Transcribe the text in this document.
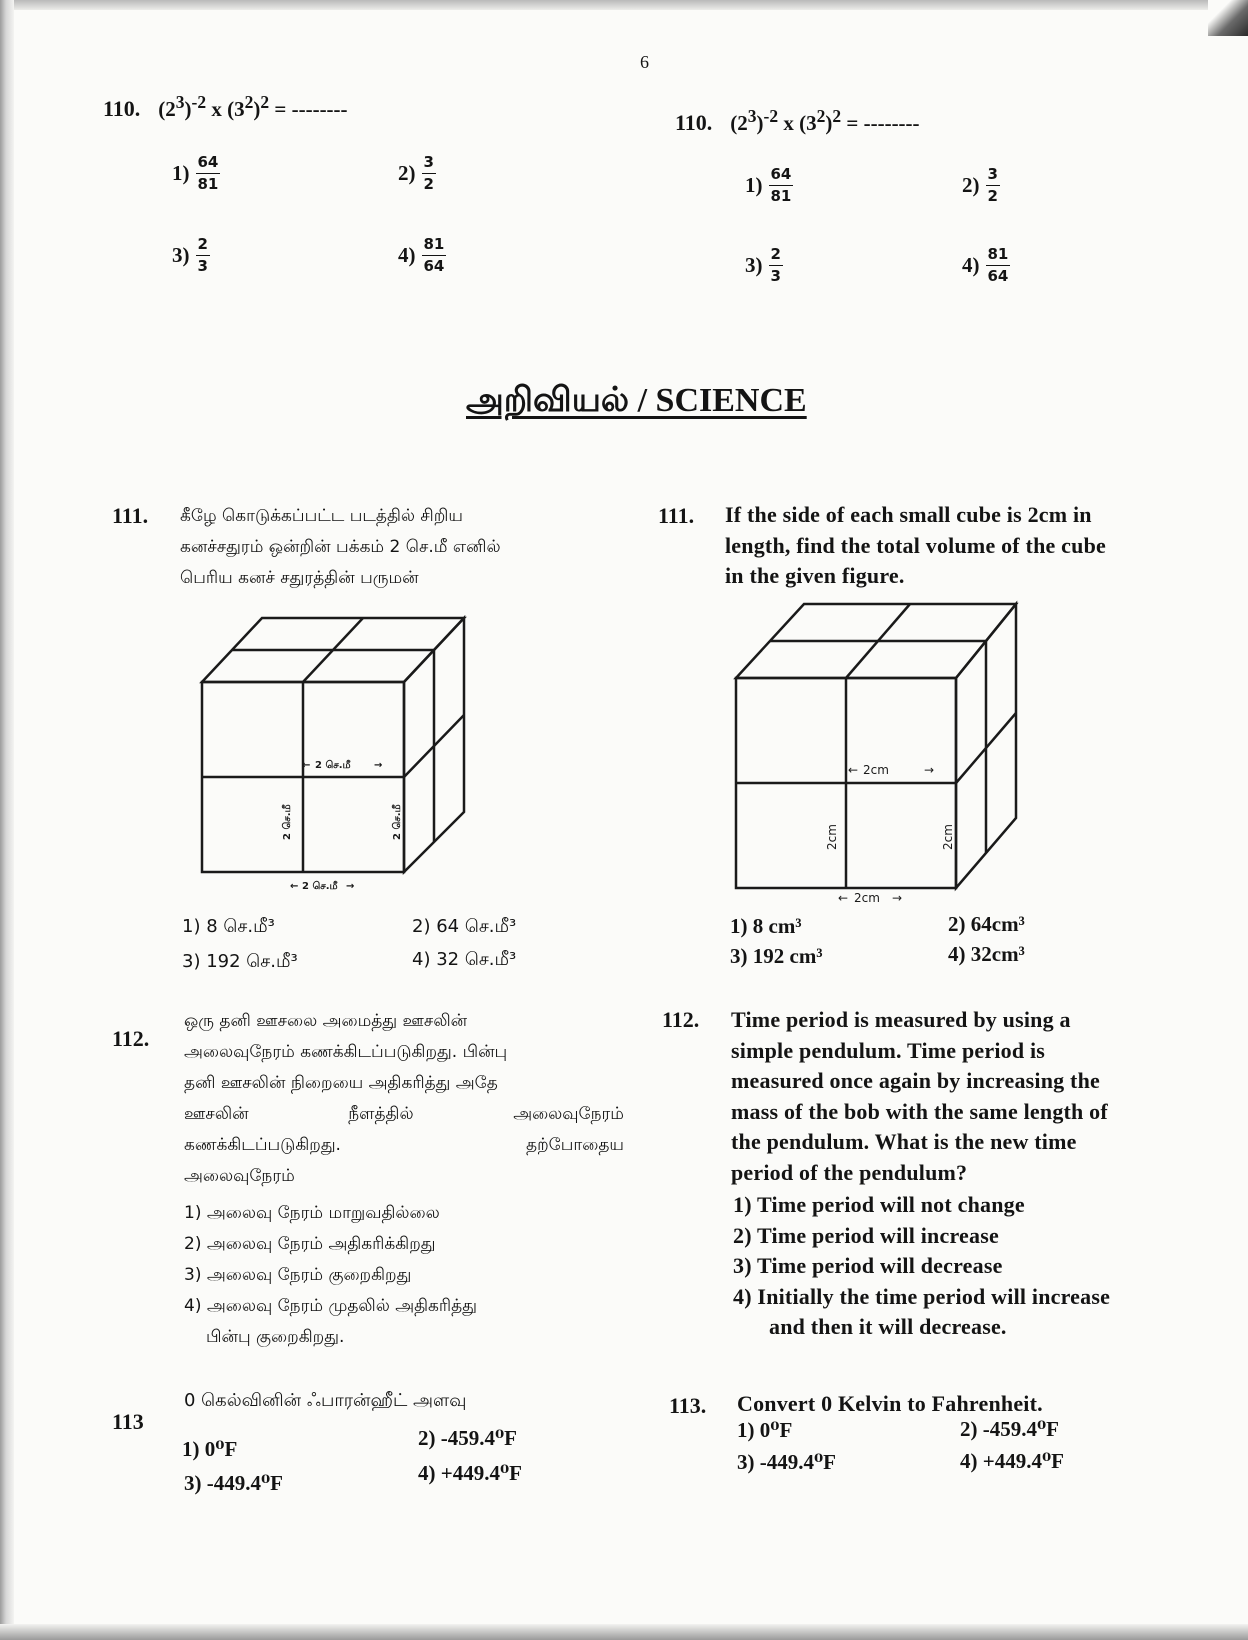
6
110. $(2^3)^{-2}$ x $(3^2)^2$ = --------
$1) \frac{64}{81}$	$2) \frac{3}{2}$
$3) \frac{2}{3}$	$4) \frac{81}{64}$
110. $(2^3)^{-2}$ x $(3^2)^2$ = --------
$1) \frac{64}{81}$	$2) \frac{3}{2}$
$3) \frac{2}{3}$	$4) \frac{81}{64}$
அறிவியல் / SCIENCE
111. கீழே கொடுக்கப்பட்ட படத்தில் சிறிய
கனச்சதுரம் ஒன்றின் பக்கம் 2 செ.மீ எனில்
பெரிய கனச் சதுரத்தின் பருமன்
2 செ.மீ
←	→
2 செ.மீ
←	→
2 செ.மீ	2 செ.மீ
1) 8 செ.மீ³	2) 64 செ.மீ³
3) 192 செ.மீ³	4) 32 செ.மீ³
111. If the side of each small cube is 2cm in
length, find the total volume of the cube
in the given figure.
2cm
←	→
2cm
←	→
2cm	2cm
1) 8 cm³	2) 64cm³
3) 192 cm³	4) 32cm³
112.
ஒரு தனி ஊசலை அமைத்து ஊசலின்
அலைவுநேரம் கணக்கிடப்படுகிறது. பின்பு
தனி ஊசலின் நிறையை அதிகரித்து அதே
ஊசலின்	நீளத்தில்	அலைவுநேரம்
கணக்கிடப்படுகிறது.	தற்போதைய
அலைவுநேரம்
1) அலைவு நேரம் மாறுவதில்லை
2) அலைவு நேரம் அதிகரிக்கிறது
3) அலைவு நேரம் குறைகிறது
4) அலைவு நேரம் முதலில் அதிகரித்து
பின்பு குறைகிறது.
112. Time period is measured by using a
simple pendulum. Time period is
measured once again by increasing the
mass of the bob with the same length of
the pendulum. What is the new time
period of the pendulum?
1) Time period will not change
2) Time period will increase
3) Time period will decrease
4) Initially the time period will increase
and then it will decrease.
113
0 கெல்வினின் ஃபாரன்ஹீட் அளவு
1) 0⁰F	2) -459.4⁰F
3) -449.4⁰F	4) +449.4⁰F
113. Convert 0 Kelvin to Fahrenheit.
1) 0⁰F	2) -459.4⁰F
3) -449.4⁰F	4) +449.4⁰F
